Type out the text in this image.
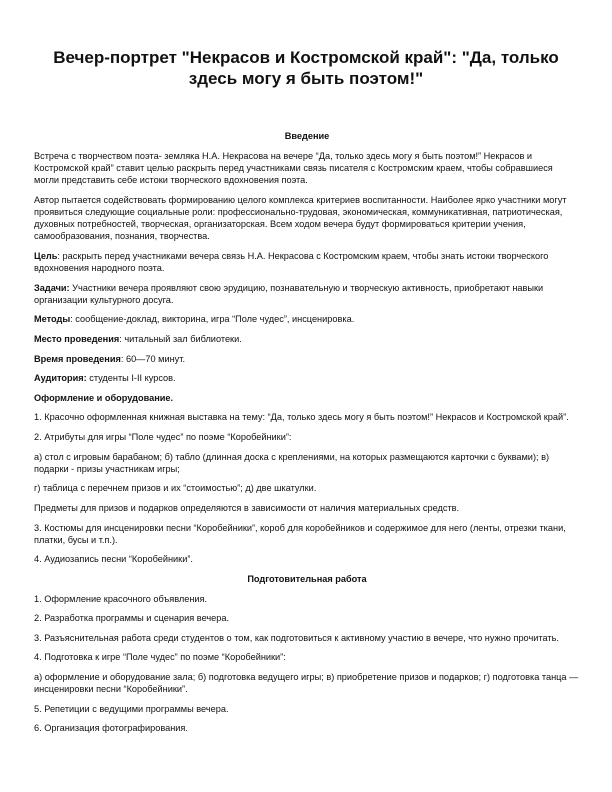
Вечер-портрет "Некрасов и Костромской край": "Да, только здесь могу я быть поэтом!"
Введение

Встреча с творчеством поэта- земляка Н.А. Некрасова на вечере “Да, только здесь могу я быть поэтом!” Некрасов и Костромской край” ставит целью раскрыть перед участниками связь писателя с Костромским краем, чтобы собравшиеся могли представить себе истоки творческого вдохновения поэта.

Автор пытается содействовать формированию целого комплекса критериев воспитанности. Наиболее ярко участники могут проявиться следующие социальные роли: профессионально-трудовая, экономическая, коммуникативная, патриотическая, духовных потребностей, творческая, организаторская. Всем ходом вечера будут формироваться критерии учения, самообразования, познания, творчества.

Цель: раскрыть перед участниками вечера связь Н.А. Некрасова с Костромским краем, чтобы знать истоки творческого вдохновения народного поэта.

Задачи: Участники вечера проявляют свою эрудицию, познавательную и творческую активность, приобретают навыки организации культурного досуга.

Методы: сообщение-доклад, викторина, игра “Поле чудес”, инсценировка.

Место проведения: читальный зал библиотеки.

Время проведения: 60—70 минут.

Аудитория: студенты I-II курсов.

Оформление и оборудование.

1. Красочно оформленная книжная выставка на тему: “Да, только здесь могу я быть поэтом!” Некрасов и Костромской край”.

2. Атрибуты для игры “Поле чудес” по поэме “Коробейники”:

а) стол с игровым барабаном; б) табло (длинная доска с креплениями, на которых размещаются карточки с буквами); в) подарки - призы участникам игры;

г) таблица с перечнем призов и их “стоимостью”; д) две шкатулки.

Предметы для призов и подарков определяются в зависимости от наличия материальных средств.

3. Костюмы для инсценировки песни “Коробейники”, короб для коробейников и содержимое для него (ленты, отрезки ткани, платки, бусы и т.п.).

4. Аудиозапись песни “Коробейники”.

Подготовительная работа

1. Оформление красочного объявления.

2. Разработка программы и сценария вечера.

3. Разъяснительная работа среди студентов о том, как подготовиться к активному участию в вечере, что нужно прочитать.

4. Подготовка к игре “Поле чудес” по поэме “Коробейники”:

а) оформление и оборудование зала; б) подготовка ведущего игры; в) приобретение призов и подарков; г) подготовка танца — инсценировки песни “Коробейники”.

5. Репетиции с ведущими программы вечера.

6. Организация фотографирования.
